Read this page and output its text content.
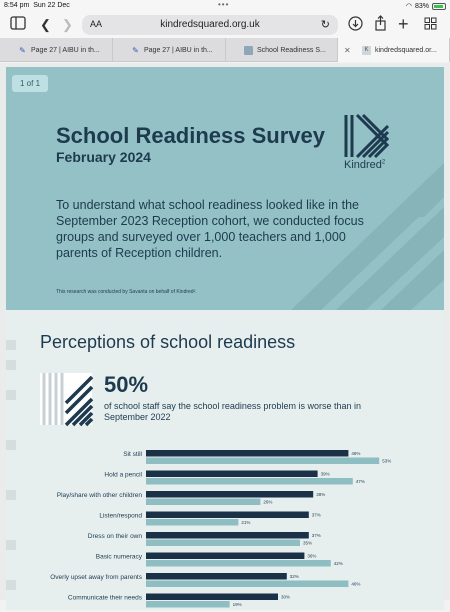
8:54 pm Sun 22 Dec	•••	◠ 83%
❮ ❯ AA	kindredsquared.org.uk	↻	+
✎ Page 27 | AIBU in th...	✎ Page 27 | AIBU in th...	School Readiness S... ✕	K kindredsquared.or...
1 of 1
School Readiness Survey
February 2024	Kindred$^2$
To understand what school readiness looked like in the September 2023 Reception cohort, we conducted focus groups and surveyed over 1,000 teachers and 1,000 parents of Reception children.
This research was conducted by Savanta on behalf of Kindred².
Perceptions of school readiness
50%
of school staff say the school readiness problem is worse than in September 2022
Sit still	46%
53%
Hold a pencil	39%
47%
Play/share with other children	38%
26%
Listen/respond	37%
21%
Dress on their own	37%
35%
Basic numeracy	36%
42%
Overly upset away from parents	32%
46%
Communicate their needs	30%
19%
